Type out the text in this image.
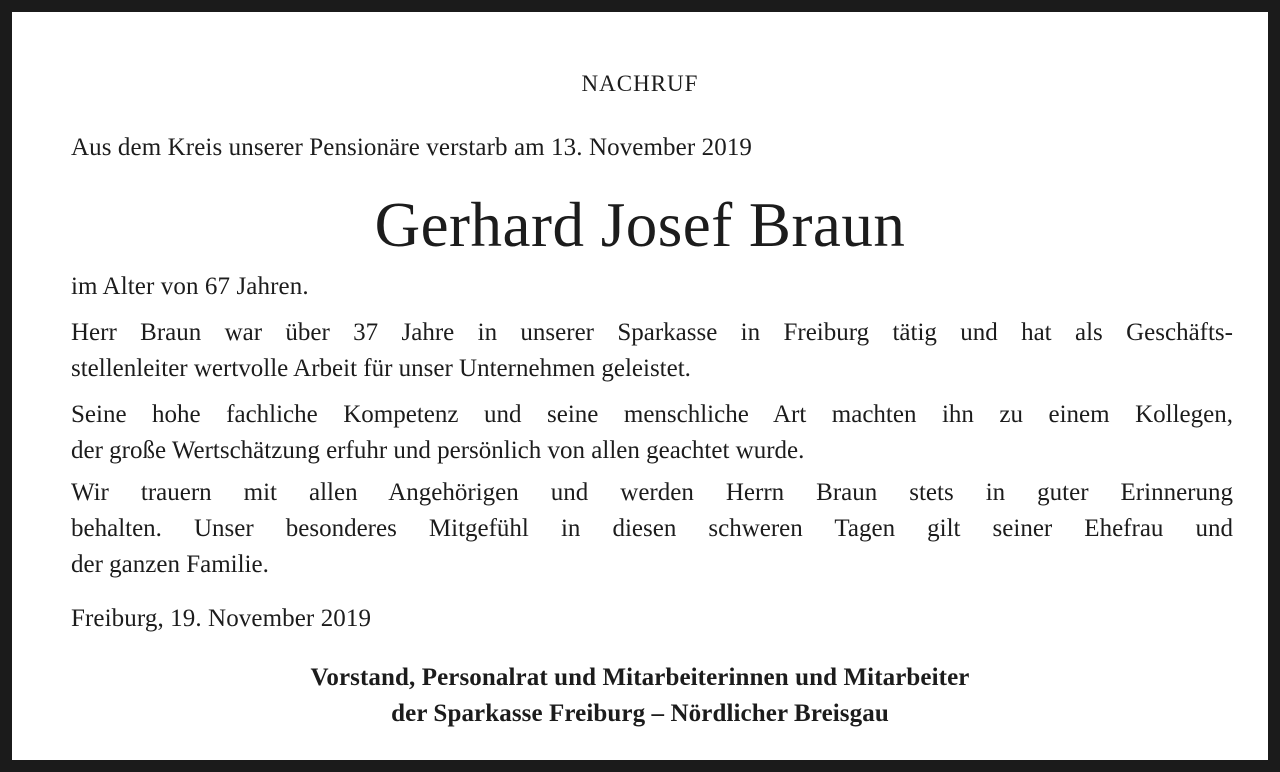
NACHRUF

Aus dem Kreis unserer Pensionäre verstarb am 13. November 2019

Gerhard Josef Braun

im Alter von 67 Jahren.

Herr Braun war über 37 Jahre in unserer Sparkasse in Freiburg tätig und hat als Geschäfts-
stellenleiter wertvolle Arbeit für unser Unternehmen geleistet.
Seine hohe fachliche Kompetenz und seine menschliche Art machten ihn zu einem Kollegen,
der große Wertschätzung erfuhr und persönlich von allen geachtet wurde.
Wir trauern mit allen Angehörigen und werden Herrn Braun stets in guter Erinnerung
behalten. Unser besonderes Mitgefühl in diesen schweren Tagen gilt seiner Ehefrau und
der ganzen Familie.

Freiburg, 19. November 2019

Vorstand, Personalrat und Mitarbeiterinnen und Mitarbeiter

der Sparkasse Freiburg – Nördlicher Breisgau
